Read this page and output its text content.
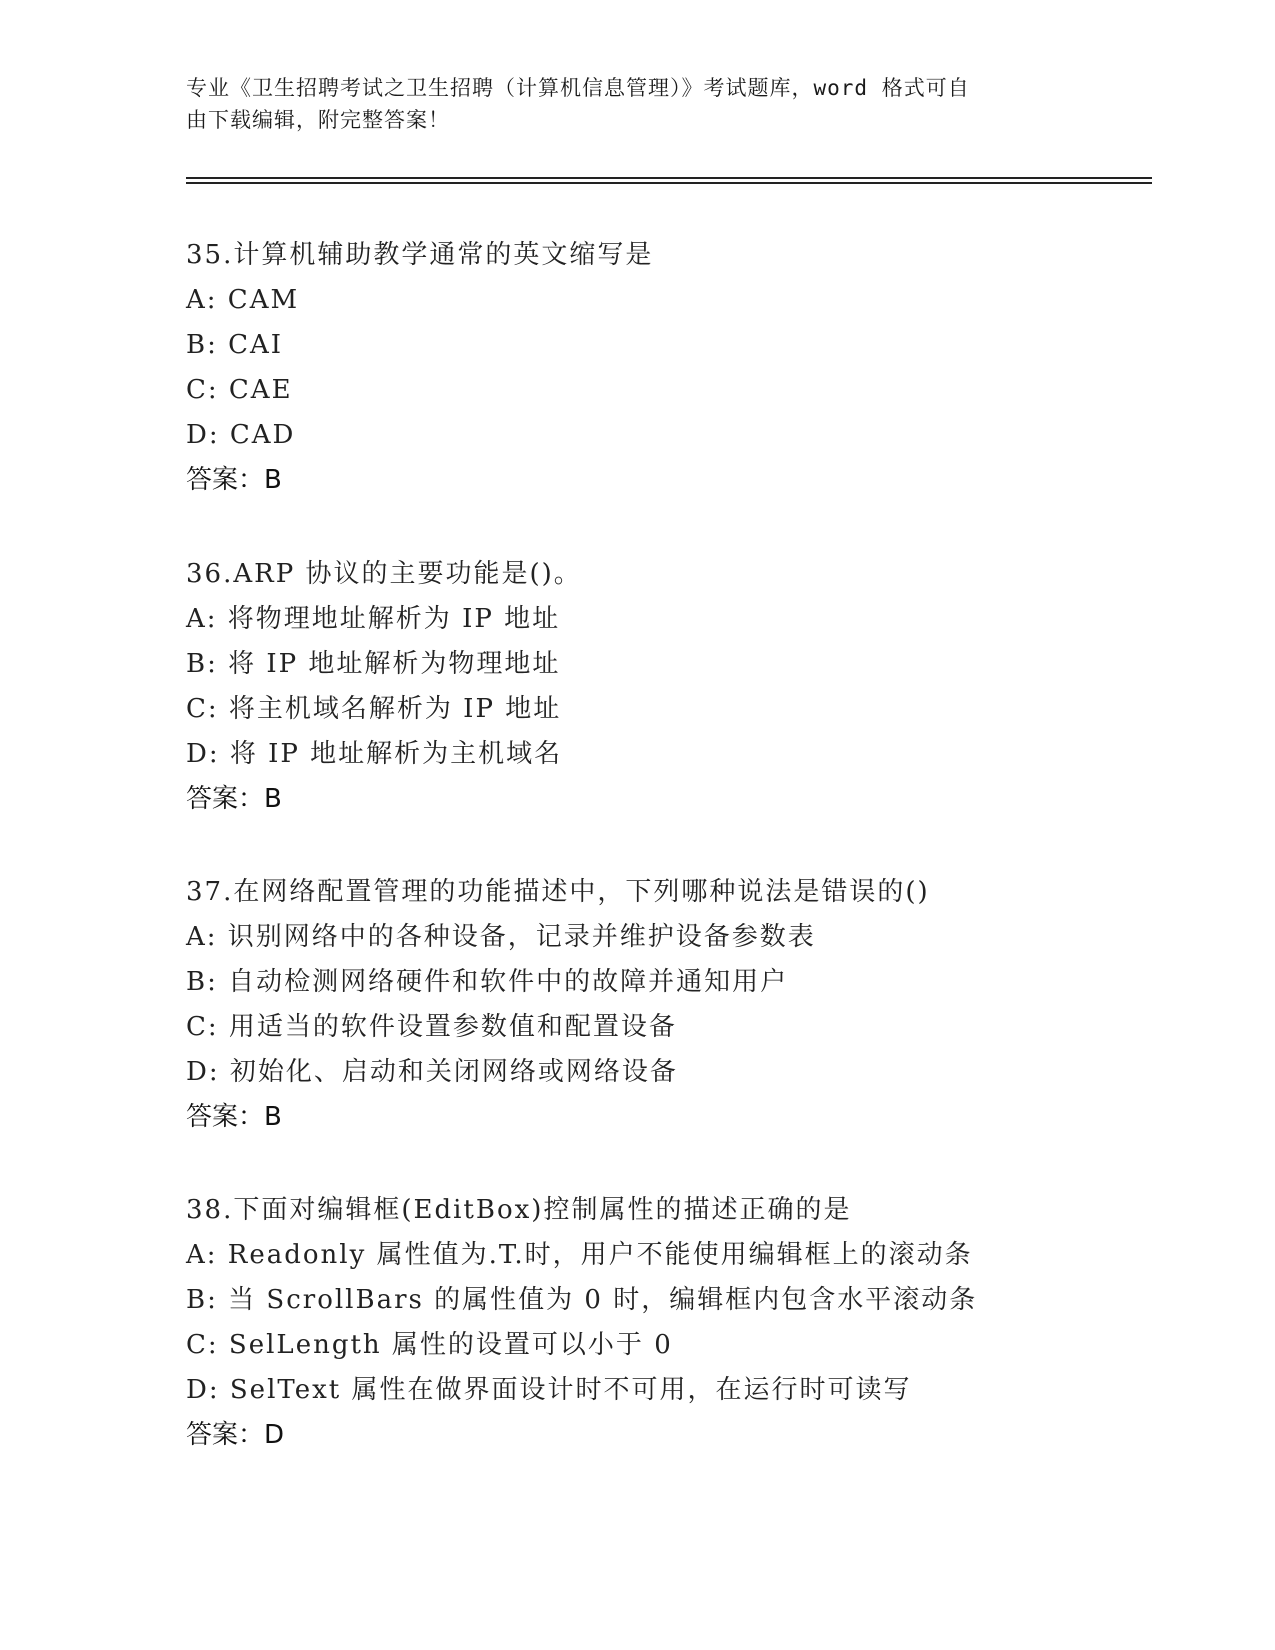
专业《卫生招聘考试之卫生招聘（计算机信息管理）》考试题库，word 格式可自
由下载编辑，附完整答案！
35.计算机辅助教学通常的英文缩写是
A: CAM
B: CAI
C: CAE
D: CAD
答案：B
36.ARP 协议的主要功能是()。
A: 将物理地址解析为 IP 地址
B: 将 IP 地址解析为物理地址
C: 将主机域名解析为 IP 地址
D: 将 IP 地址解析为主机域名
答案：B
37.在网络配置管理的功能描述中，下列哪种说法是错误的()
A: 识别网络中的各种设备，记录并维护设备参数表
B: 自动检测网络硬件和软件中的故障并通知用户
C: 用适当的软件设置参数值和配置设备
D: 初始化、启动和关闭网络或网络设备
答案：B
38.下面对编辑框(EditBox)控制属性的描述正确的是
A: Readonly 属性值为.T.时，用户不能使用编辑框上的滚动条
B: 当 ScrollBars 的属性值为 0 时，编辑框内包含水平滚动条
C: SelLength 属性的设置可以小于 0
D: SelText 属性在做界面设计时不可用，在运行时可读写
答案：D
